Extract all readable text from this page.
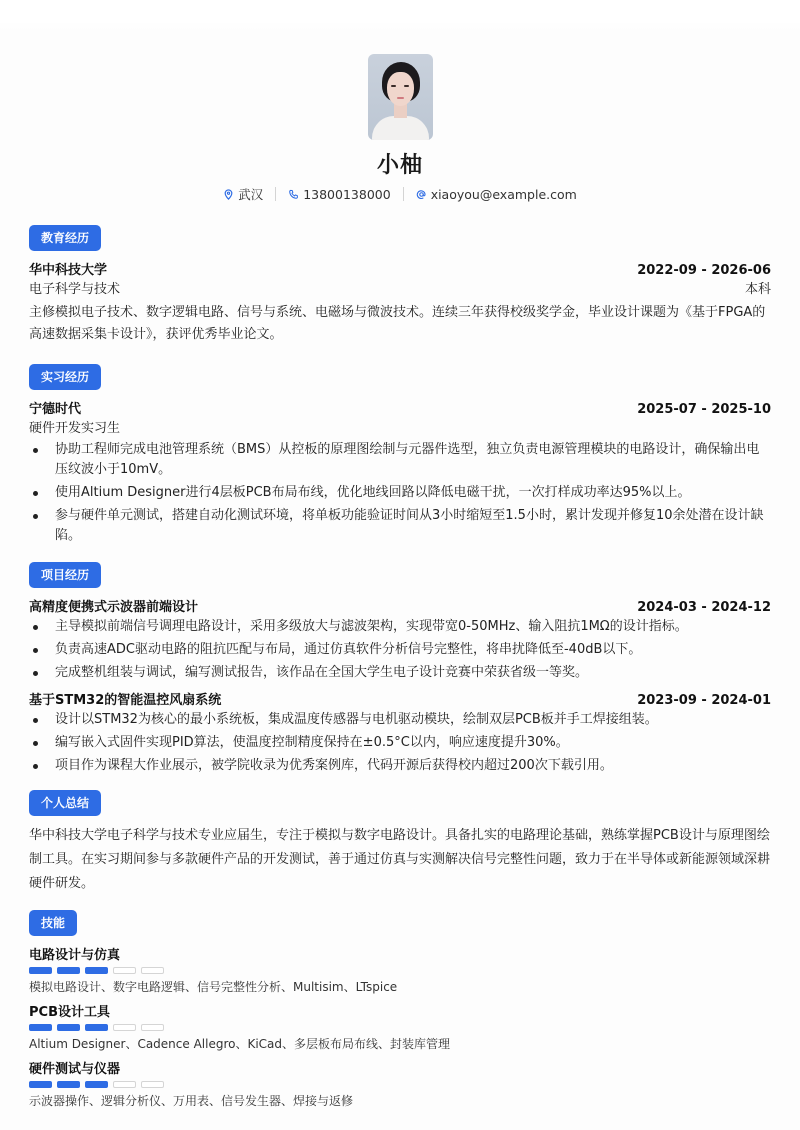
小柚
武汉	13800138000	xiaoyou@example.com
教育经历
华中科技大学	2022-09 - 2026-06
电子科学与技术	本科
主修模拟电子技术、数字逻辑电路、信号与系统、电磁场与微波技术。连续三年获得校级奖学金，毕业设计课题为《基于FPGA的高速数据采集卡设计》，获评优秀毕业论文。
实习经历
宁德时代	2025-07 - 2025-10
硬件开发实习生
协助工程师完成电池管理系统（BMS）从控板的原理图绘制与元器件选型，独立负责电源管理模块的电路设计，确保输出电压纹波小于10mV。
使用Altium Designer进行4层板PCB布局布线，优化地线回路以降低电磁干扰，一次打样成功率达95%以上。
参与硬件单元测试，搭建自动化测试环境，将单板功能验证时间从3小时缩短至1.5小时，累计发现并修复10余处潜在设计缺陷。
项目经历
高精度便携式示波器前端设计	2024-03 - 2024-12
主导模拟前端信号调理电路设计，采用多级放大与滤波架构，实现带宽0-50MHz、输入阻抗1MΩ的设计指标。
负责高速ADC驱动电路的阻抗匹配与布局，通过仿真软件分析信号完整性，将串扰降低至-40dB以下。
完成整机组装与调试，编写测试报告，该作品在全国大学生电子设计竞赛中荣获省级一等奖。
基于STM32的智能温控风扇系统	2023-09 - 2024-01
设计以STM32为核心的最小系统板，集成温度传感器与电机驱动模块，绘制双层PCB板并手工焊接组装。
编写嵌入式固件实现PID算法，使温度控制精度保持在±0.5°C以内，响应速度提升30%。
项目作为课程大作业展示，被学院收录为优秀案例库，代码开源后获得校内超过200次下载引用。
个人总结
华中科技大学电子科学与技术专业应届生，专注于模拟与数字电路设计。具备扎实的电路理论基础，熟练掌握PCB设计与原理图绘制工具。在实习期间参与多款硬件产品的开发测试，善于通过仿真与实测解决信号完整性问题，致力于在半导体或新能源领域深耕硬件研发。
技能
电路设计与仿真
模拟电路设计、数字电路逻辑、信号完整性分析、Multisim、LTspice
PCB设计工具
Altium Designer、Cadence Allegro、KiCad、多层板布局布线、封装库管理
硬件测试与仪器
示波器操作、逻辑分析仪、万用表、信号发生器、焊接与返修
